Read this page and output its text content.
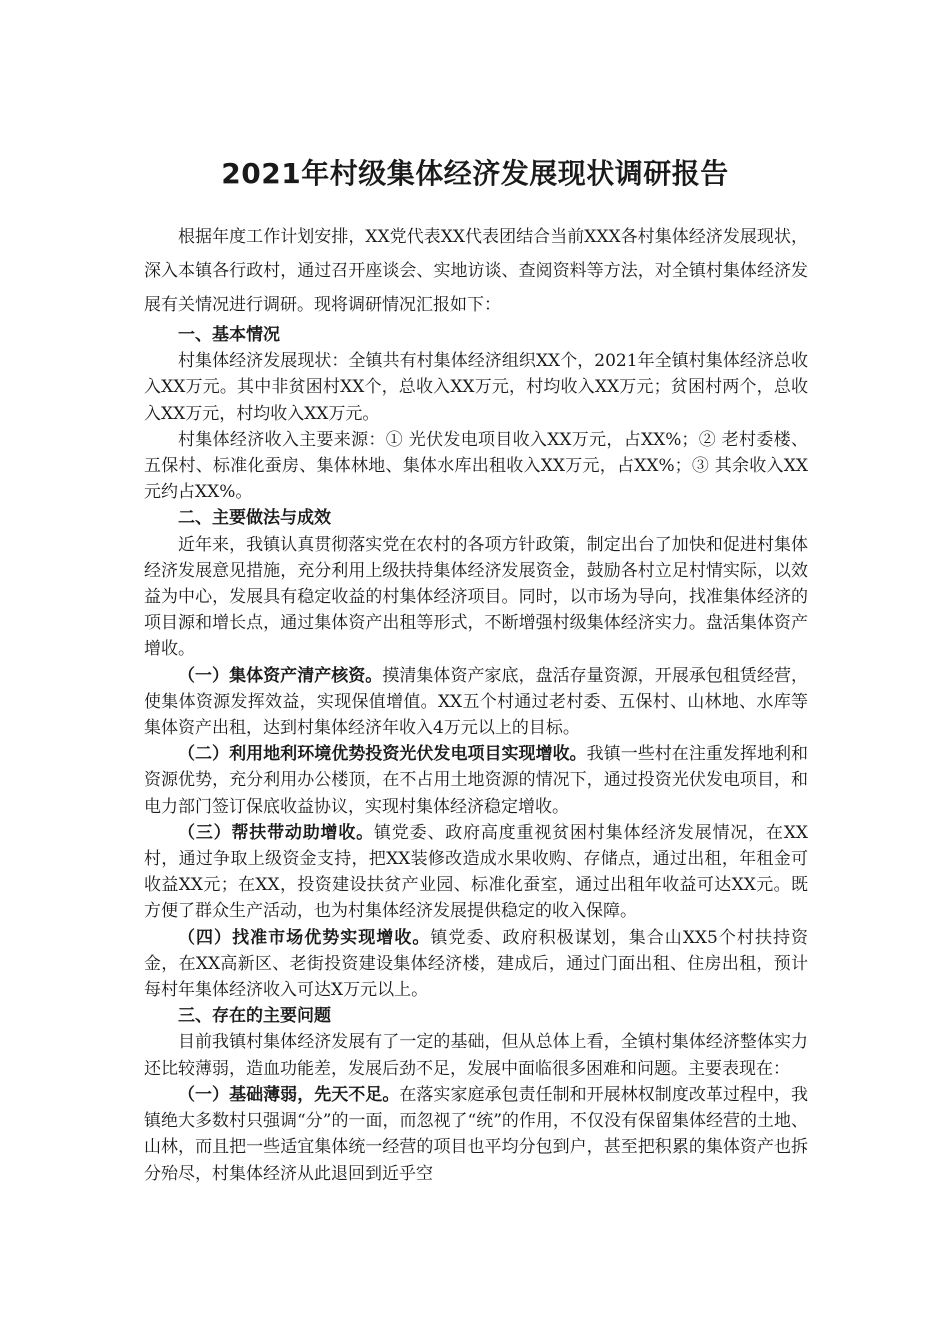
2021年村级集体经济发展现状调研报告

根据年度工作计划安排，XX党代表XX代表团结合当前XXX各村集体经济发展现状，深入本镇各行政村，通过召开座谈会、实地访谈、查阅资料等方法，对全镇村集体经济发展有关情况进行调研。现将调研情况汇报如下：

一、基本情况

村集体经济发展现状：全镇共有村集体经济组织XX个，2021年全镇村集体经济总收入XX万元。其中非贫困村XX个，总收入XX万元，村均收入XX万元；贫困村两个，总收入XX万元，村均收入XX万元。

村集体经济收入主要来源：① 光伏发电项目收入XX万元，占XX%；② 老村委楼、五保村、标准化蚕房、集体林地、集体水库出租收入XX万元，占XX%；③ 其余收入XX元约占XX%。

二、主要做法与成效

近年来，我镇认真贯彻落实党在农村的各项方针政策，制定出台了加快和促进村集体经济发展意见措施，充分利用上级扶持集体经济发展资金，鼓励各村立足村情实际，以效益为中心，发展具有稳定收益的村集体经济项目。同时，以市场为导向，找准集体经济的项目源和增长点，通过集体资产出租等形式，不断增强村级集体经济实力。盘活集体资产增收。

（一）集体资产清产核资。摸清集体资产家底，盘活存量资源，开展承包租赁经营，使集体资源发挥效益，实现保值增值。XX五个村通过老村委、五保村、山林地、水库等集体资产出租，达到村集体经济年收入4万元以上的目标。

（二）利用地利环境优势投资光伏发电项目实现增收。我镇一些村在注重发挥地利和资源优势，充分利用办公楼顶，在不占用土地资源的情况下，通过投资光伏发电项目，和电力部门签订保底收益协议，实现村集体经济稳定增收。

（三）帮扶带动助增收。镇党委、政府高度重视贫困村集体经济发展情况，在XX村，通过争取上级资金支持，把XX装修改造成水果收购、存储点，通过出租，年租金可收益XX元；在XX，投资建设扶贫产业园、标准化蚕室，通过出租年收益可达XX元。既方便了群众生产活动，也为村集体经济发展提供稳定的收入保障。

（四）找准市场优势实现增收。镇党委、政府积极谋划，集合山XX5个村扶持资金，在XX高新区、老街投资建设集体经济楼，建成后，通过门面出租、住房出租，预计每村年集体经济收入可达X万元以上。

三、存在的主要问题

目前我镇村集体经济发展有了一定的基础，但从总体上看，全镇村集体经济整体实力还比较薄弱，造血功能差，发展后劲不足，发展中面临很多困难和问题。主要表现在：

（一）基础薄弱，先天不足。在落实家庭承包责任制和开展林权制度改革过程中，我镇绝大多数村只强调“分”的一面，而忽视了“统”的作用，不仅没有保留集体经营的土地、山林，而且把一些适宜集体统一经营的项目也平均分包到户，甚至把积累的集体资产也拆分殆尽，村集体经济从此退回到近乎空
